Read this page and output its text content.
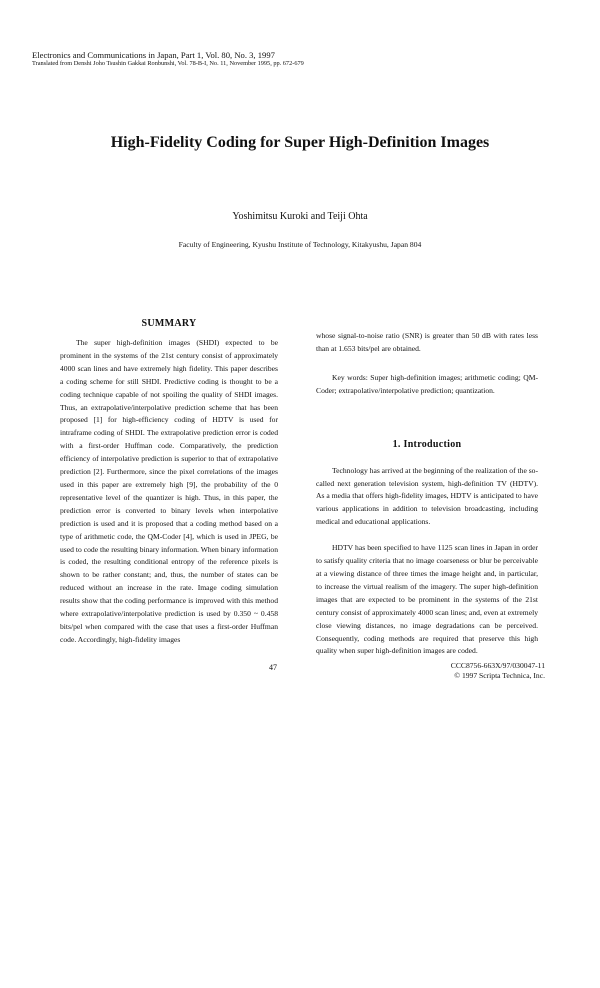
Electronics and Communications in Japan, Part 1, Vol. 80, No. 3, 1997
Translated from Denshi Joho Tsushin Gakkai Ronbunshi, Vol. 78-B-I, No. 11, November 1995, pp. 672-679
High-Fidelity Coding for Super High-Definition Images
Yoshimitsu Kuroki and Teiji Ohta
Faculty of Engineering, Kyushu Institute of Technology, Kitakyushu, Japan 804
SUMMARY

The super high-definition images (SHDI) expected to be prominent in the systems of the 21st century consist of approximately 4000 scan lines and have extremely high fidelity. This paper describes a coding scheme for still SHDI. Predictive coding is thought to be a coding technique capable of not spoiling the quality of SHDI images. Thus, an extrapolative/interpolative prediction scheme that has been proposed [1] for high-efficiency coding of HDTV is used for intraframe coding of SHDI. The extrapolative prediction error is coded with a first-order Huffman code. Comparatively, the prediction efficiency of interpolative prediction is superior to that of extrapolative prediction [2]. Furthermore, since the pixel correlations of the images used in this paper are extremely high [9], the probability of the 0 representative level of the quantizer is high. Thus, in this paper, the prediction error is converted to binary levels when interpolative prediction is used and it is proposed that a coding method based on a type of arithmetic code, the QM-Coder [4], which is used in JPEG, be used to code the resulting binary information. When binary information is coded, the resulting conditional entropy of the reference pixels is shown to be rather constant; and, thus, the number of states can be reduced without an increase in the rate. Image coding simulation results show that the coding performance is improved with this method where extrapolative/interpolative prediction is used by 0.350 ~ 0.458 bits/pel when compared with the case that uses a first-order Huffman code. Accordingly, high-fidelity images

whose signal-to-noise ratio (SNR) is greater than 50 dB with rates less than at 1.653 bits/pel are obtained.

Key words: Super high-definition images; arithmetic coding; QM-Coder; extrapolative/interpolative prediction; quantization.

1. Introduction

Technology has arrived at the beginning of the realization of the so-called next generation television system, high-definition TV (HDTV). As a media that offers high-fidelity images, HDTV is anticipated to have various applications in addition to television broadcasting, including medical and educational applications.

HDTV has been specified to have 1125 scan lines in Japan in order to satisfy quality criteria that no image coarseness or blur be perceivable at a viewing distance of three times the image height and, in particular, to increase the virtual realism of the imagery. The super high-definition images that are expected to be prominent in the systems of the 21st century consist of approximately 4000 scan lines; and, even at extremely close viewing distances, no image degradations can be perceived. Consequently, coding methods are required that preserve this high quality when super high-definition images are coded.

47	CCC8756-663X/97/030047-11
© 1997 Scripta Technica, Inc.
